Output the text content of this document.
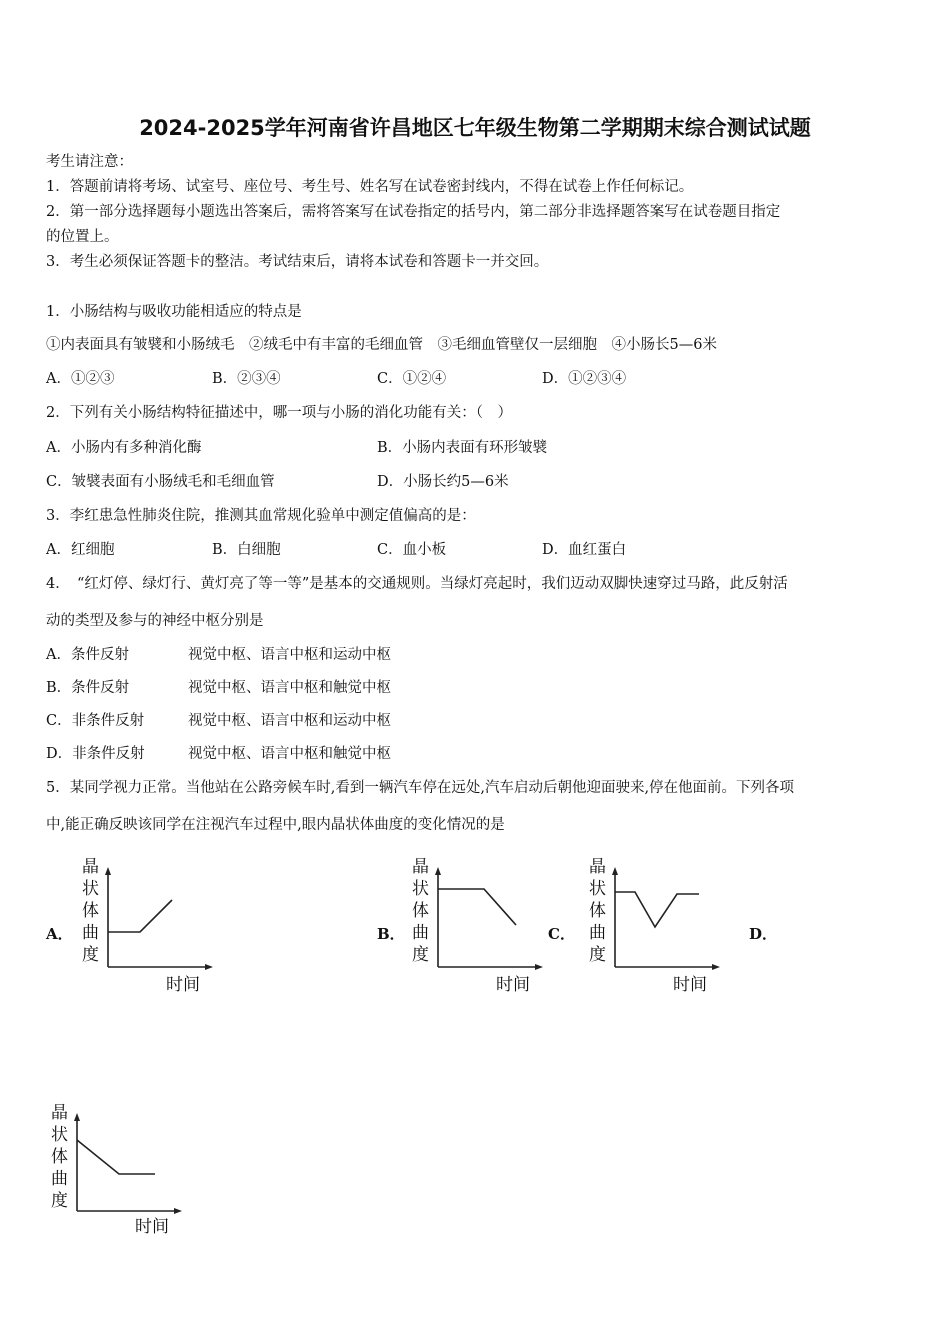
2024-2025学年河南省许昌地区七年级生物第二学期期末综合测试试题
考生请注意：
1．答题前请将考场、试室号、座位号、考生号、姓名写在试卷密封线内，不得在试卷上作任何标记。
2．第一部分选择题每小题选出答案后，需将答案写在试卷指定的括号内，第二部分非选择题答案写在试卷题目指定
的位置上。
3．考生必须保证答题卡的整洁。考试结束后，请将本试卷和答题卡一并交回。
1．小肠结构与吸收功能相适应的特点是
①内表面具有皱襞和小肠绒毛　②绒毛中有丰富的毛细血管　③毛细血管壁仅一层细胞　④小肠长5—6米
A．①②③	B．②③④	C．①②④	D．①②③④
2．下列有关小肠结构特征描述中，哪一项与小肠的消化功能有关：（　）
A．小肠内有多种消化酶	B．小肠内表面有环形皱襞
C．皱襞表面有小肠绒毛和毛细血管	D．小肠长约5—6米
3．李红患急性肺炎住院，推测其血常规化验单中测定值偏高的是：
A．红细胞	B．白细胞	C．血小板	D．血红蛋白
4．　“红灯停、绿灯行、黄灯亮了等一等”是基本的交通规则。当绿灯亮起时，我们迈动双脚快速穿过马路，此反射活
动的类型及参与的神经中枢分别是
A．条件反射	视觉中枢、语言中枢和运动中枢
B．条件反射	视觉中枢、语言中枢和触觉中枢
C．非条件反射	视觉中枢、语言中枢和运动中枢
D．非条件反射	视觉中枢、语言中枢和触觉中枢
5．某同学视力正常。当他站在公路旁候车时,看到一辆汽车停在远处,汽车启动后朝他迎面驶来,停在他面前。下列各项
中,能正确反映该同学在注视汽车过程中,眼内晶状体曲度的变化情况的是
A．	B．	C．	D．
晶
状
体
曲
度
时间
晶
状
体
曲
度
时间
晶
状
体
曲
度
时间
晶
状
体
曲
度
时间
